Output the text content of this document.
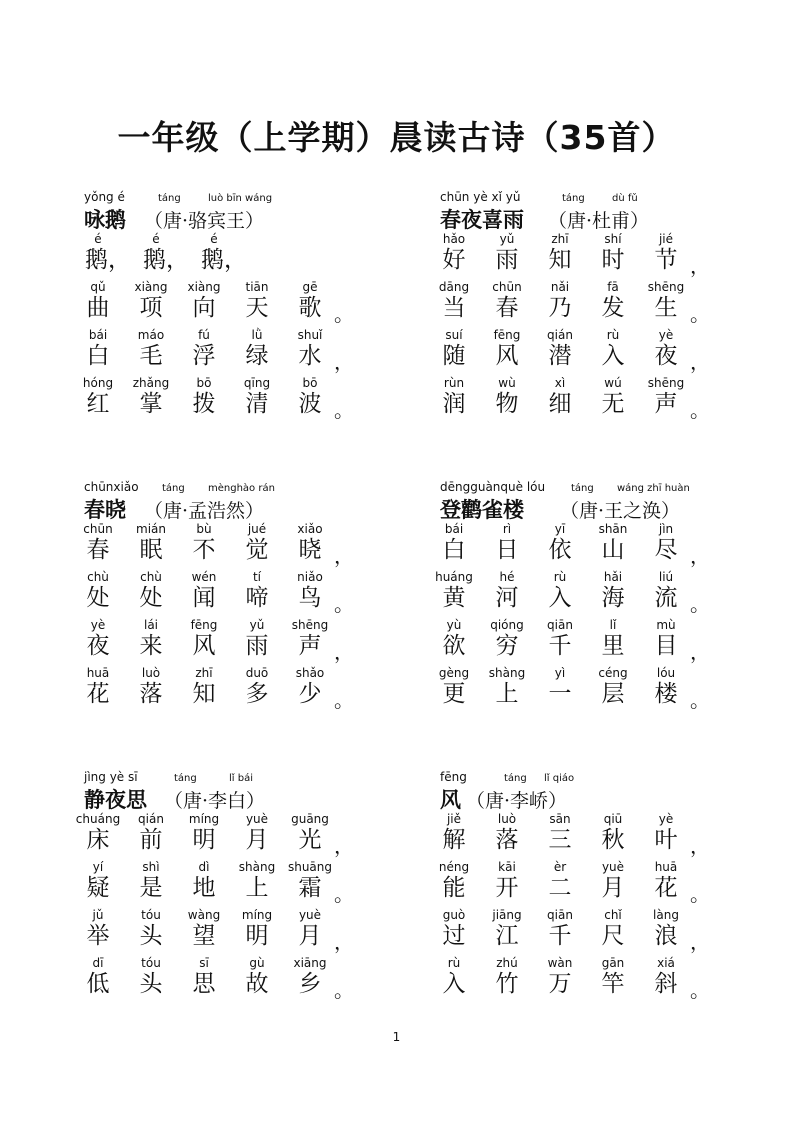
一年级（上学期）晨读古诗（35首）
yǒng é	táng	luò bīn wáng
咏鹅 （唐·骆宾王）
é
鹅，
é
鹅，
é
鹅，
qǔ
曲
xiàng
项
xiàng
向
tiān
天
gē
歌 。
bái
白
máo
毛
fú
浮
lǜ
绿
shuǐ
水 ，
hóng
红
zhǎng
掌
bō
拨
qīng
清
bō
波 。
chūn yè xǐ yǔ	táng	dù fǔ
春夜喜雨 （唐·杜甫）
hǎo
好
yǔ
雨
zhī
知
shí
时
jié
节 ，
dāng
当
chūn
春
nǎi
乃
fā
发
shēng
生 。
suí
随
fēng
风
qián
潜
rù
入
yè
夜 ，
rùn
润
wù
物
xì
细
wú
无
shēng
声 。
chūnxiǎo táng mènghào rán
春晓 （唐·孟浩然）
chūn
春
mián
眠
bù
不
jué
觉
xiǎo
晓 ，
chù
处
chù
处
wén
闻
tí
啼
niǎo
鸟 。
yè
夜
lái
来
fēng
风
yǔ
雨
shēng
声 ，
huā
花
luò
落
zhī
知
duō
多
shǎo
少 。
dēngguànquè lóu	táng wáng zhī huàn
登鹳雀楼 （唐·王之涣）
bái
白
rì
日
yī
依
shān
山
jìn
尽 ，
huáng
黄
hé
河
rù
入
hǎi
海
liú
流 。
yù
欲
qióng
穷
qiān
千
lǐ
里
mù
目 ，
gèng
更
shàng
上
yì
一
céng
层
lóu
楼 。
jìng yè sī	táng	lǐ bái
静夜思 （唐·李白）
chuáng
床
qián
前
míng
明
yuè
月
guāng
光 ，
yí
疑
shì
是
dì
地
shàng
上
shuāng
霜 。
jǔ
举
tóu
头
wàng
望
míng
明
yuè
月 ，
dī
低
tóu
头
sī
思
gù
故
xiāng
乡 。
fēng	táng lǐ qiáo
风 （唐·李峤）
jiě
解
luò
落
sān
三
qiū
秋
yè
叶 ，
néng
能
kāi
开
èr
二
yuè
月
huā
花 。
guò
过
jiāng
江
qiān
千
chǐ
尺
làng
浪 ，
rù
入
zhú
竹
wàn
万
gān
竿
xiá
斜 。
1
